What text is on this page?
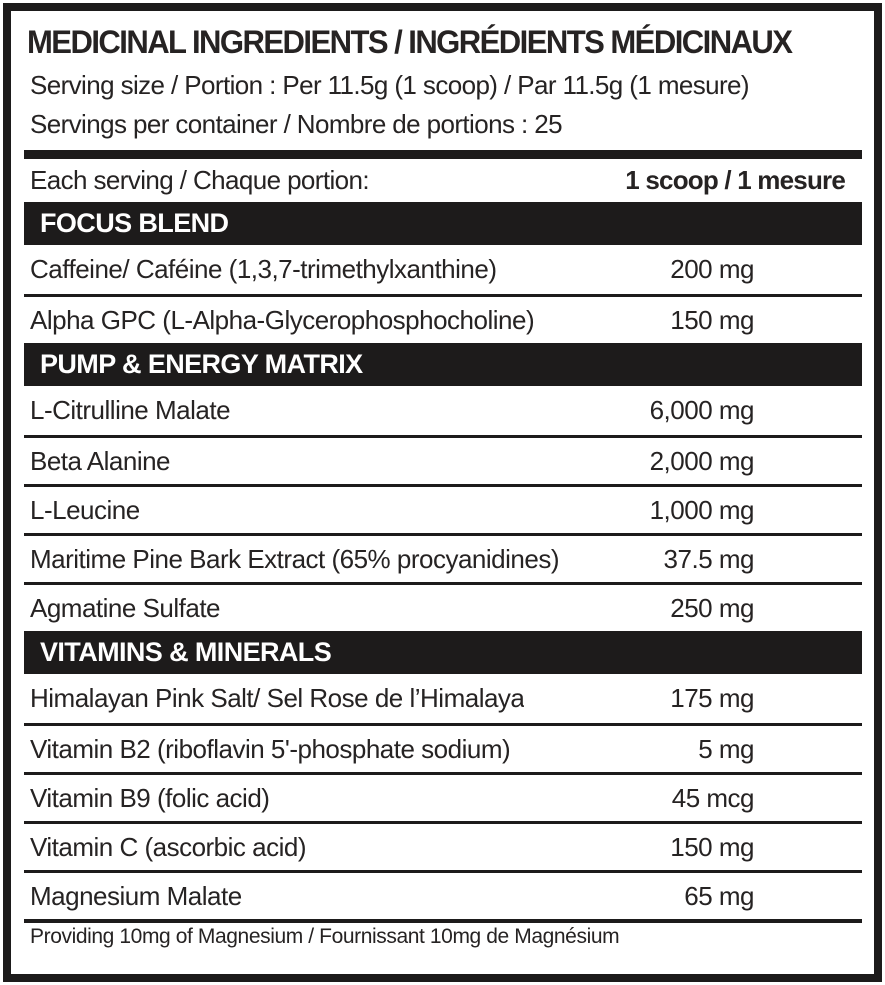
MEDICINAL INGREDIENTS / INGRÉDIENTS MÉDICINAUX
Serving size / Portion : Per 11.5g (1 scoop) / Par 11.5g (1 mesure)
Servings per container / Nombre de portions : 25
Each serving / Chaque portion:	1 scoop / 1 mesure
FOCUS BLEND
Caffeine/ Caféine (1,3,7-trimethylxanthine)	200 mg
Alpha GPC (L-Alpha-Glycerophosphocholine)	150 mg
PUMP & ENERGY MATRIX
L-Citrulline Malate	6,000 mg
Beta Alanine	2,000 mg
L-Leucine	1,000 mg
Maritime Pine Bark Extract (65% procyanidines)	37.5 mg
Agmatine Sulfate	250 mg
VITAMINS & MINERALS
Himalayan Pink Salt/ Sel Rose de l’Himalaya	175 mg
Vitamin B2 (riboflavin 5'-phosphate sodium)	5 mg
Vitamin B9 (folic acid)	45 mcg
Vitamin C (ascorbic acid)	150 mg
Magnesium Malate	65 mg
Providing 10mg of Magnesium / Fournissant 10mg de Magnésium
